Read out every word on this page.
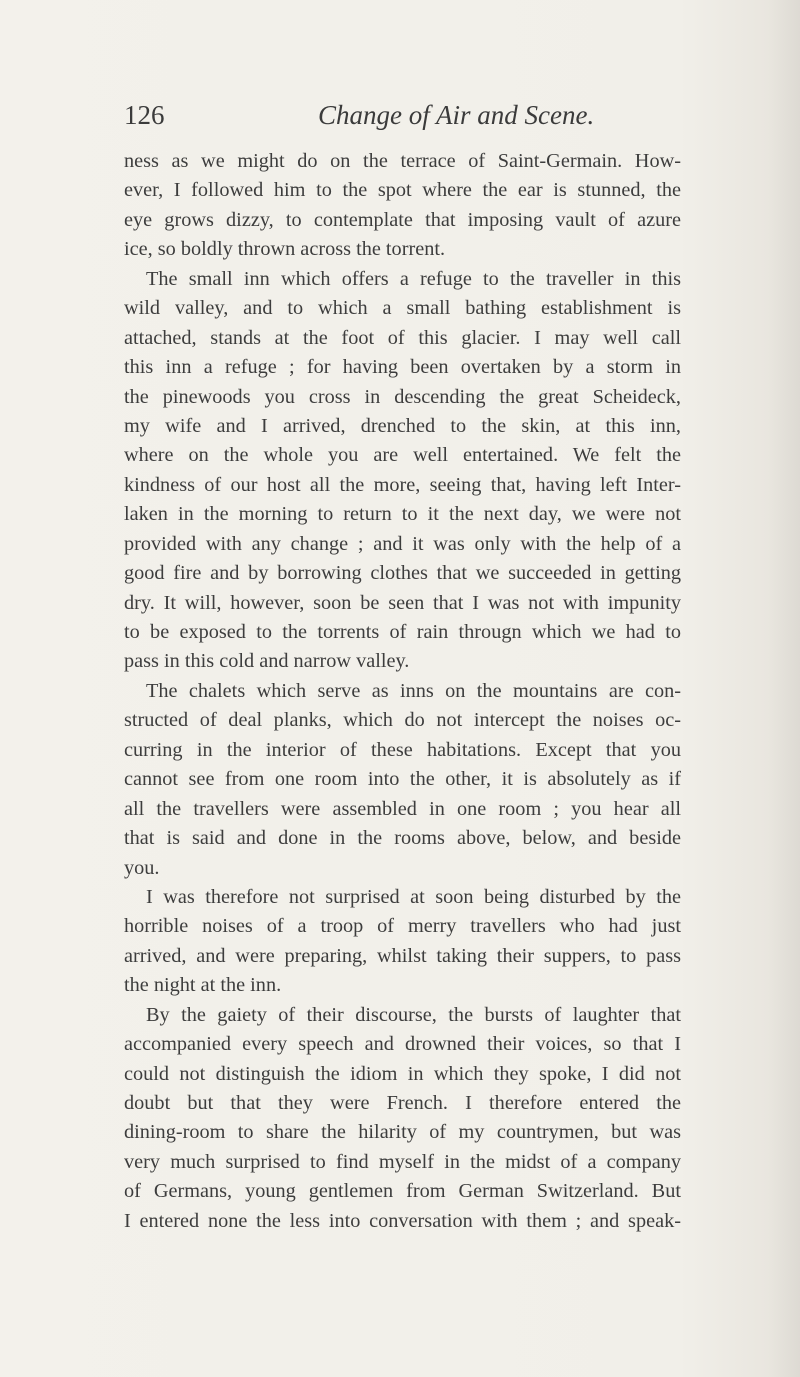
126	Change of Air and Scene.
ness as we might do on the terrace of Saint-Germain. How-
ever, I followed him to the spot where the ear is stunned, the
eye grows dizzy, to contemplate that imposing vault of azure
ice, so boldly thrown across the torrent.
The small inn which offers a refuge to the traveller in this
wild valley, and to which a small bathing establishment is
attached, stands at the foot of this glacier. I may well call
this inn a refuge ; for having been overtaken by a storm in
the pinewoods you cross in descending the great Scheideck,
my wife and I arrived, drenched to the skin, at this inn,
where on the whole you are well entertained. We felt the
kindness of our host all the more, seeing that, having left Inter-
laken in the morning to return to it the next day, we were not
provided with any change ; and it was only with the help of a
good fire and by borrowing clothes that we succeeded in getting
dry. It will, however, soon be seen that I was not with impunity
to be exposed to the torrents of rain througn which we had to
pass in this cold and narrow valley.
The chalets which serve as inns on the mountains are con-
structed of deal planks, which do not intercept the noises oc-
curring in the interior of these habitations. Except that you
cannot see from one room into the other, it is absolutely as if
all the travellers were assembled in one room ; you hear all
that is said and done in the rooms above, below, and beside
you.
I was therefore not surprised at soon being disturbed by the
horrible noises of a troop of merry travellers who had just
arrived, and were preparing, whilst taking their suppers, to pass
the night at the inn.
By the gaiety of their discourse, the bursts of laughter that
accompanied every speech and drowned their voices, so that I
could not distinguish the idiom in which they spoke, I did not
doubt but that they were French. I therefore entered the
dining-room to share the hilarity of my countrymen, but was
very much surprised to find myself in the midst of a company
of Germans, young gentlemen from German Switzerland. But
I entered none the less into conversation with them ; and speak-
